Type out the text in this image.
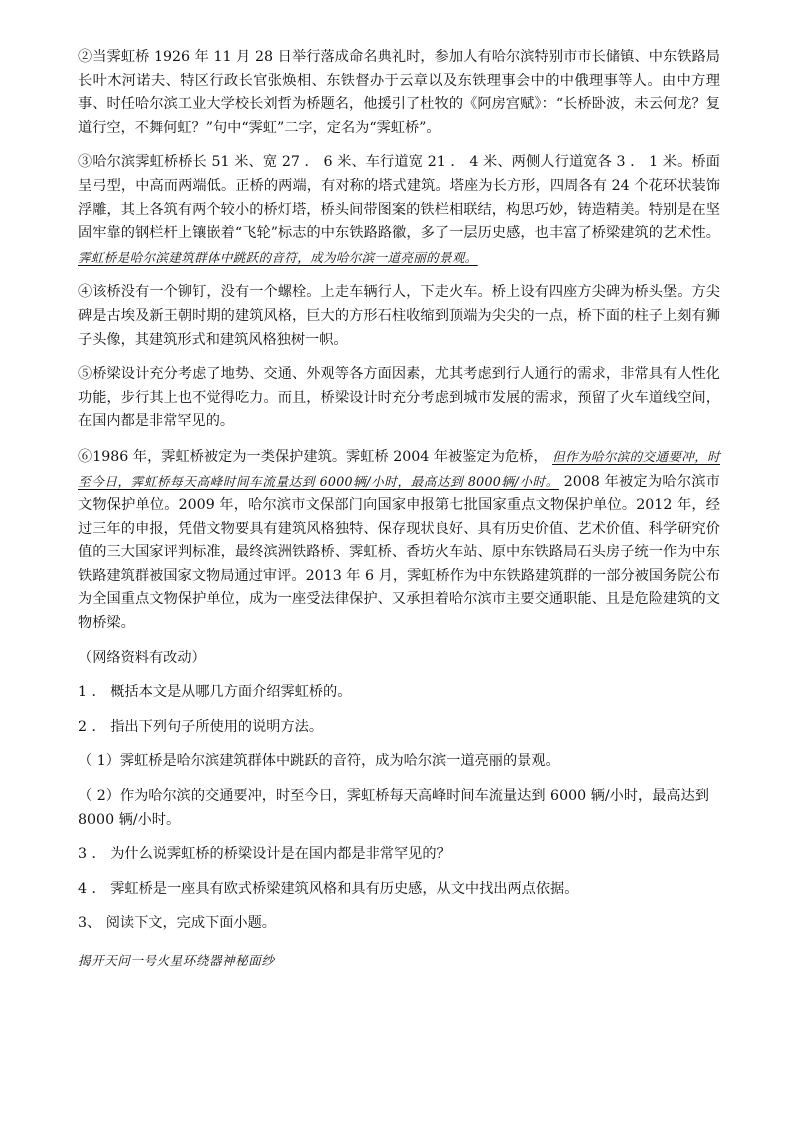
②当霁虹桥 1926 年 11 月 28 日举行落成命名典礼时，参加人有哈尔滨特别市市长储镇、中东铁路局长叶木河诺夫、特区行政长官张焕相、东铁督办于云章以及东铁理事会中的中俄理事等人。由中方理事、时任哈尔滨工业大学校长刘哲为桥题名，他援引了杜牧的《阿房宫赋》：“长桥卧波，未云何龙？复道行空，不舞何虹？”句中“霁虹”二字，定名为“霁虹桥”。

③哈尔滨霁虹桥桥长 51 米、宽 27 ． 6 米、车行道宽 21 ． 4 米、两侧人行道宽各 3 ． 1 米。桥面呈弓型，中高而两端低。正桥的两端，有对称的塔式建筑。塔座为长方形，四周各有 24 个花环状装饰浮雕，其上各筑有两个较小的桥灯塔，桥头间带图案的铁栏相联结，构思巧妙，铸造精美。特别是在坚固牢靠的钢栏杆上镶嵌着“飞轮”标志的中东铁路路徽，多了一层历史感，也丰富了桥梁建筑的艺术性。 霁虹桥是哈尔滨建筑群体中跳跃的音符，成为哈尔滨一道亮丽的景观。

④该桥没有一个铆钉，没有一个螺栓。上走车辆行人，下走火车。桥上设有四座方尖碑为桥头堡。方尖碑是古埃及新王朝时期的建筑风格，巨大的方形石柱收缩到顶端为尖尖的一点，桥下面的柱子上刻有狮子头像，其建筑形式和建筑风格独树一帜。

⑤桥梁设计充分考虑了地势、交通、外观等各方面因素，尤其考虑到行人通行的需求，非常具有人性化功能，步行其上也不觉得吃力。而且，桥梁设计时充分考虑到城市发展的需求，预留了火车道线空间，在国内都是非常罕见的。

⑥1986 年，霁虹桥被定为一类保护建筑。霁虹桥 2004 年被鉴定为危桥， 但作为哈尔滨的交通要冲，时至今日，霁虹桥每天高峰时间车流量达到 6000辆/小时，最高达到 8000辆/小时。 2008 年被定为哈尔滨市文物保护单位。2009 年，哈尔滨市文保部门向国家申报第七批国家重点文物保护单位。2012 年，经过三年的申报，凭借文物要具有建筑风格独特、保存现状良好、具有历史价值、艺术价值、科学研究价值的三大国家评判标准，最终滨洲铁路桥、霁虹桥、香坊火车站、原中东铁路局石头房子统一作为中东铁路建筑群被国家文物局通过审评。2013 年 6 月，霁虹桥作为中东铁路建筑群的一部分被国务院公布为全国重点文物保护单位，成为一座受法律保护、又承担着哈尔滨市主要交通职能、且是危险建筑的文物桥梁。

（网络资料有改动）

1 ． 概括本文是从哪几方面介绍霁虹桥的。

2 ． 指出下列句子所使用的说明方法。

（ 1）霁虹桥是哈尔滨建筑群体中跳跃的音符，成为哈尔滨一道亮丽的景观。

（ 2）作为哈尔滨的交通要冲，时至今日，霁虹桥每天高峰时间车流量达到 6000 辆/小时，最高达到 8000 辆/小时。

3 ． 为什么说霁虹桥的桥梁设计是在国内都是非常罕见的？

4 ． 霁虹桥是一座具有欧式桥梁建筑风格和具有历史感，从文中找出两点依据。

3、 阅读下文，完成下面小题。

揭开天问一号火星环绕器神秘面纱
